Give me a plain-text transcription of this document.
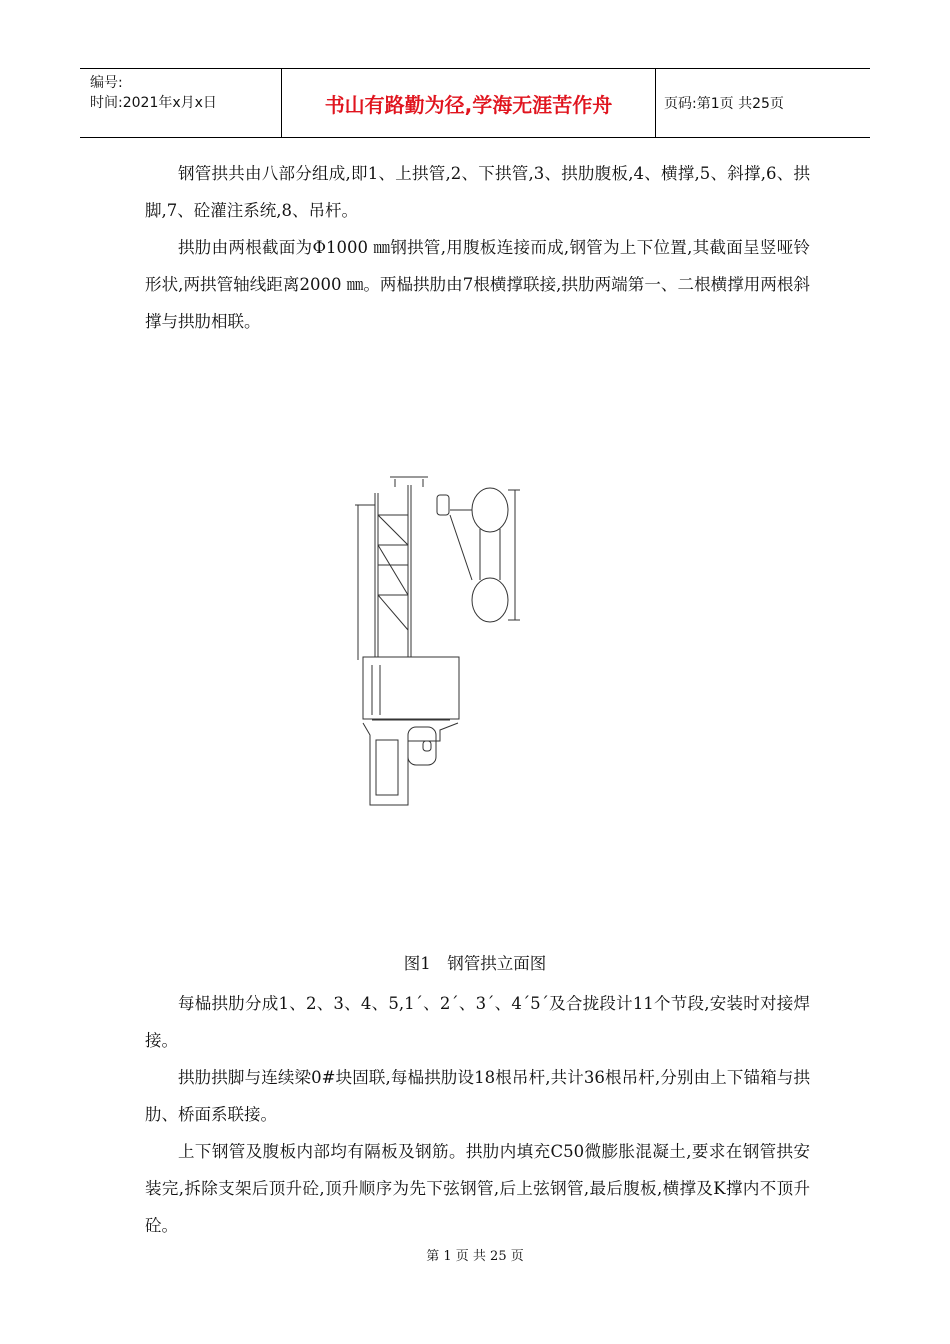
编号:
时间:2021年x月x日	书山有路勤为径,学海无涯苦作舟	页码:第1页 共25页

钢管拱共由八部分组成,即1、上拱管,2、下拱管,3、拱肋腹板,4、横撑,5、斜撑,6、拱脚,7、砼灌注系统,8、吊杆。

拱肋由两根截面为Φ1000 ㎜钢拱管,用腹板连接而成,钢管为上下位置,其截面呈竖哑铃形状,两拱管轴线距离2000 ㎜。两榀拱肋由7根横撑联接,拱肋两端第一、二根横撑用两根斜撑与拱肋相联。

图1　钢管拱立面图

每榀拱肋分成1、2、3、4、5,1´、2´、3´、4´5´及合拢段计11个节段,安装时对接焊接。

拱肋拱脚与连续梁0#块固联,每榀拱肋设18根吊杆,共计36根吊杆,分别由上下锚箱与拱肋、桥面系联接。

上下钢管及腹板内部均有隔板及钢筋。拱肋内填充C50微膨胀混凝土,要求在钢管拱安装完,拆除支架后顶升砼,顶升顺序为先下弦钢管,后上弦钢管,最后腹板,横撑及K撑内不顶升砼。

第 1 页 共 25 页
